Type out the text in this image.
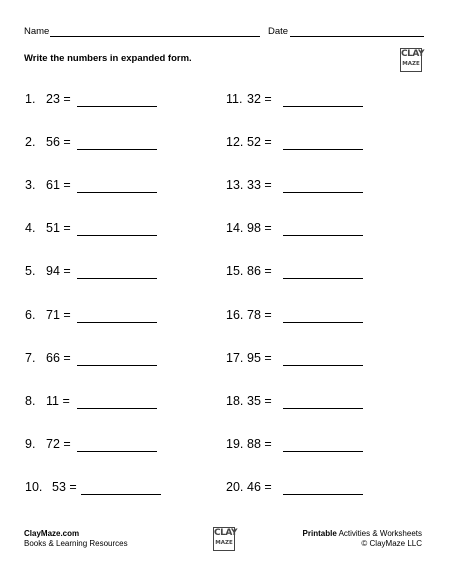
Name	Date
Write the numbers in expanded form.	CLAY
MAZE
1. 23 =
2. 56 =
3. 61 =
4. 51 =
5. 94 =
6. 71 =
7. 66 =
8. 11 =
9. 72 =
10. 53 =
11. 32 =
12. 52 =
13. 33 =
14. 98 =
15. 86 =
16. 78 =
17. 95 =
18. 35 =
19. 88 =
20. 46 =
ClayMaze.com
Books & Learning Resources
CLAY
MAZE
Printable Activities & Worksheets
© ClayMaze LLC
